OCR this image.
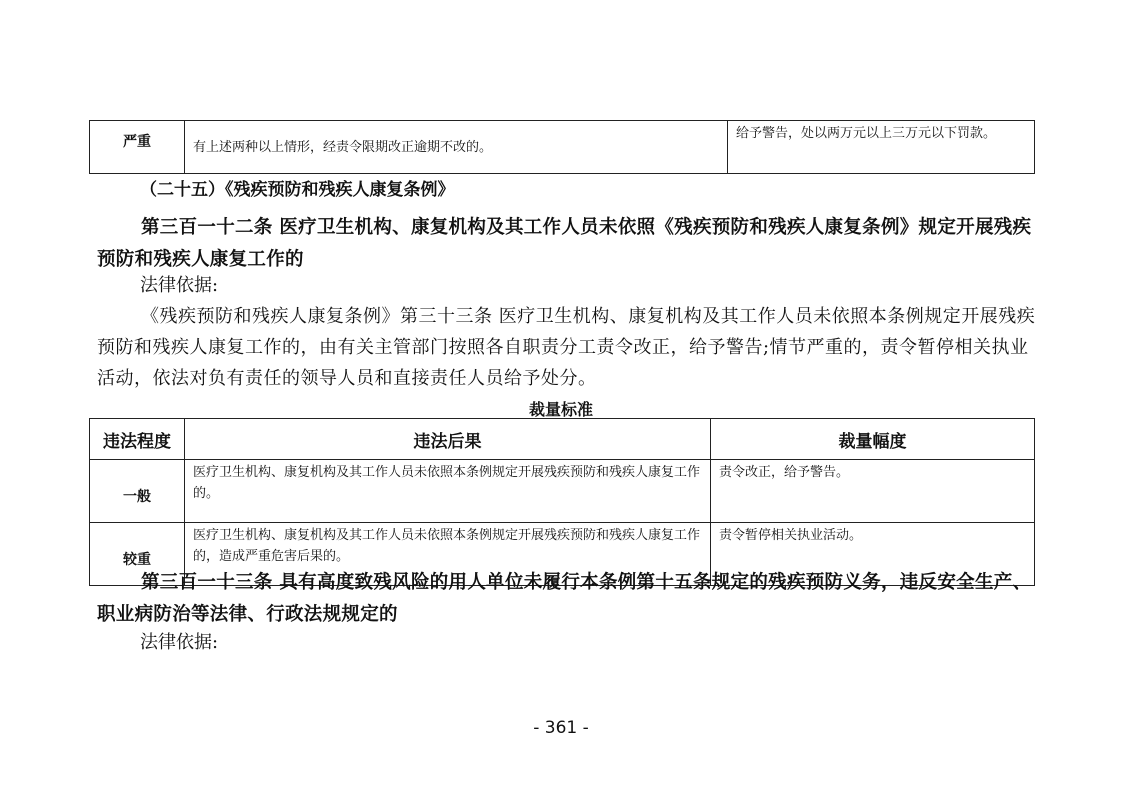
严重	有上述两种以上情形，经责令限期改正逾期不改的。	给予警告，处以两万元以上三万元以下罚款。
（二十五）《残疾预防和残疾人康复条例》
第三百一十二条 医疗卫生机构、康复机构及其工作人员未依照《残疾预防和残疾人康复条例》规定开展残疾预防和残疾人康复工作的
法律依据:
《残疾预防和残疾人康复条例》第三十三条 医疗卫生机构、康复机构及其工作人员未依照本条例规定开展残疾预防和残疾人康复工作的，由有关主管部门按照各自职责分工责令改正，给予警告;情节严重的，责令暂停相关执业活动，依法对负有责任的领导人员和直接责任人员给予处分。
裁量标准
违法程度	违法后果	裁量幅度
一般	医疗卫生机构、康复机构及其工作人员未依照本条例规定开展残疾预防和残疾人康复工作的。	责令改正，给予警告。
较重	医疗卫生机构、康复机构及其工作人员未依照本条例规定开展残疾预防和残疾人康复工作的，造成严重危害后果的。	责令暂停相关执业活动。
第三百一十三条 具有高度致残风险的用人单位未履行本条例第十五条规定的残疾预防义务，违反安全生产、职业病防治等法律、行政法规规定的
法律依据:
- 361 -
